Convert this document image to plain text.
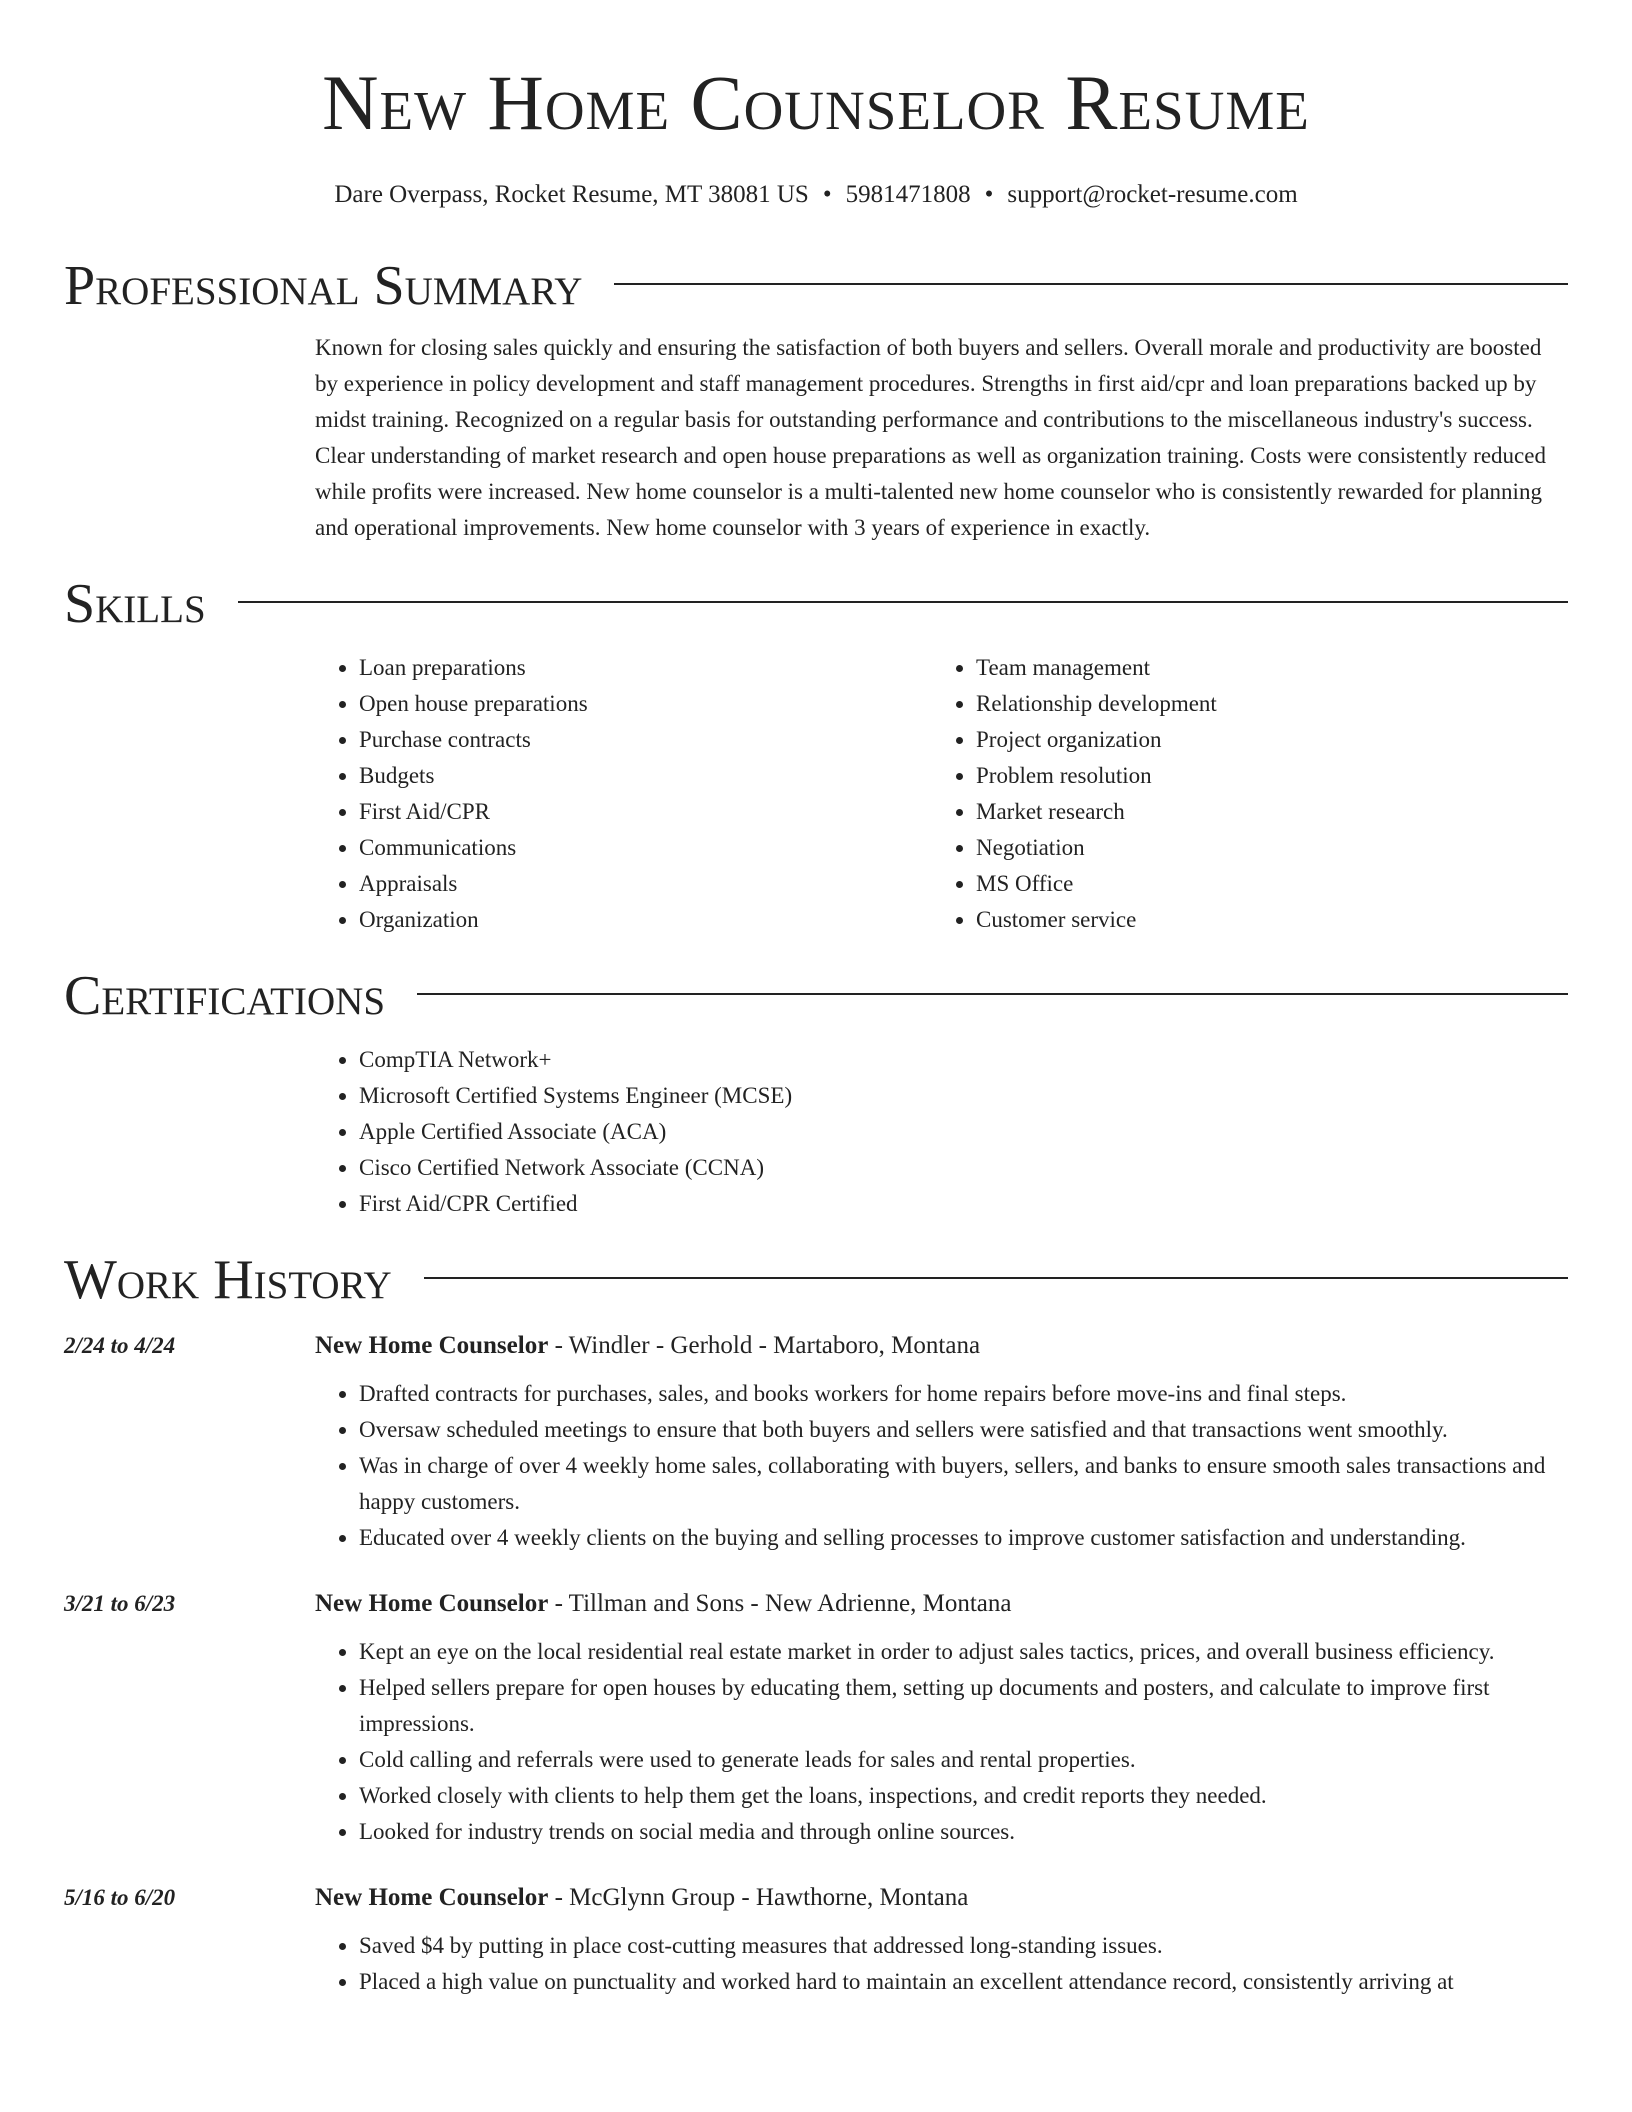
New Home Counselor Resume
Dare Overpass, Rocket Resume, MT 38081 US • 5981471808 • support@rocket-resume.com
Professional Summary
Known for closing sales quickly and ensuring the satisfaction of both buyers and sellers. Overall morale and productivity are boosted by experience in policy development and staff management procedures. Strengths in first aid/cpr and loan preparations backed up by midst training. Recognized on a regular basis for outstanding performance and contributions to the miscellaneous industry's success. Clear understanding of market research and open house preparations as well as organization training. Costs were consistently reduced while profits were increased. New home counselor is a multi-talented new home counselor who is consistently rewarded for planning and operational improvements. New home counselor with 3 years of experience in exactly.
Skills
• Loan preparations
• Open house preparations
• Purchase contracts
• Budgets
• First Aid/CPR
• Communications
• Appraisals
• Organization
• Team management
• Relationship development
• Project organization
• Problem resolution
• Market research
• Negotiation
• MS Office
• Customer service
Certifications
• CompTIA Network+
• Microsoft Certified Systems Engineer (MCSE)
• Apple Certified Associate (ACA)
• Cisco Certified Network Associate (CCNA)
• First Aid/CPR Certified
Work History
2/24 to 4/24	New Home Counselor - Windler - Gerhold - Martaboro, Montana
• Drafted contracts for purchases, sales, and books workers for home repairs before move-ins and final steps.
• Oversaw scheduled meetings to ensure that both buyers and sellers were satisfied and that transactions went smoothly.
• Was in charge of over 4 weekly home sales, collaborating with buyers, sellers, and banks to ensure smooth sales transactions and happy customers.
• Educated over 4 weekly clients on the buying and selling processes to improve customer satisfaction and understanding.
3/21 to 6/23	New Home Counselor - Tillman and Sons - New Adrienne, Montana
• Kept an eye on the local residential real estate market in order to adjust sales tactics, prices, and overall business efficiency.
• Helped sellers prepare for open houses by educating them, setting up documents and posters, and calculate to improve first impressions.
• Cold calling and referrals were used to generate leads for sales and rental properties.
• Worked closely with clients to help them get the loans, inspections, and credit reports they needed.
• Looked for industry trends on social media and through online sources.
5/16 to 6/20	New Home Counselor - McGlynn Group - Hawthorne, Montana
• Saved $4 by putting in place cost-cutting measures that addressed long-standing issues.
• Placed a high value on punctuality and worked hard to maintain an excellent attendance record, consistently arriving at
